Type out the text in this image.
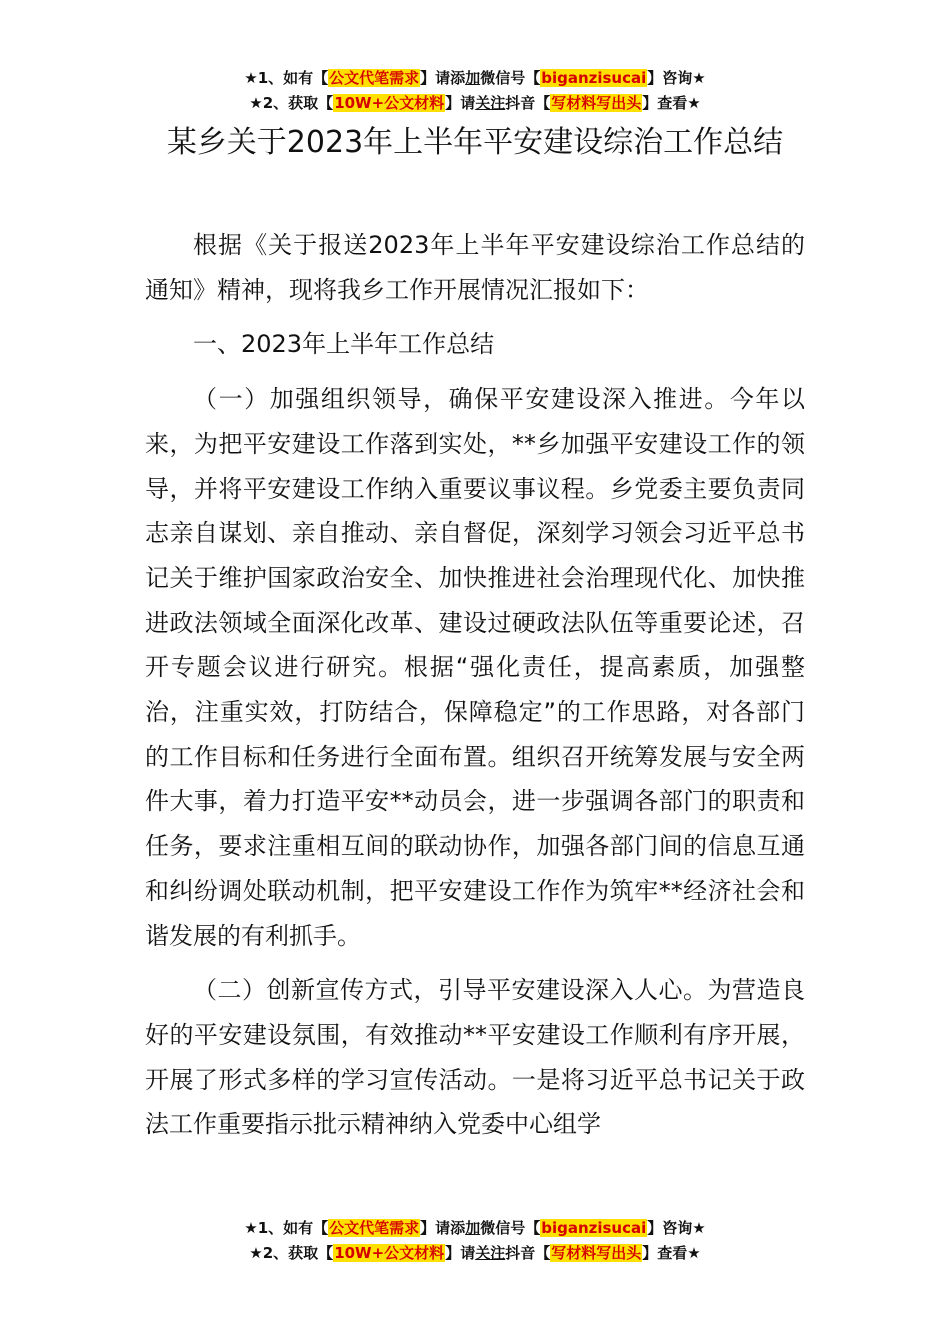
★1、如有【公文代笔需求】请添加微信号【biganzisucai】咨询★
★2、获取【10W+公文材料】请关注抖音【写材料写出头】查看★
某乡关于2023年上半年平安建设综治工作总结

根据《关于报送2023年上半年平安建设综治工作总结的通知》精神，现将我乡工作开展情况汇报如下：

一、2023年上半年工作总结

（一）加强组织领导，确保平安建设深入推进。今年以来，为把平安建设工作落到实处，**乡加强平安建设工作的领导，并将平安建设工作纳入重要议事议程。乡党委主要负责同志亲自谋划、亲自推动、亲自督促，深刻学习领会习近平总书记关于维护国家政治安全、加快推进社会治理现代化、加快推进政法领域全面深化改革、建设过硬政法队伍等重要论述，召开专题会议进行研究。根据“强化责任，提高素质，加强整治，注重实效，打防结合，保障稳定”的工作思路，对各部门的工作目标和任务进行全面布置。组织召开统筹发展与安全两件大事，着力打造平安**动员会，进一步强调各部门的职责和任务，要求注重相互间的联动协作，加强各部门间的信息互通和纠纷调处联动机制，把平安建设工作作为筑牢**经济社会和谐发展的有利抓手。

（二）创新宣传方式，引导平安建设深入人心。为营造良好的平安建设氛围，有效推动**平安建设工作顺利有序开展，开展了形式多样的学习宣传活动。一是将习近平总书记关于政法工作重要指示批示精神纳入党委中心组学

★1、如有【公文代笔需求】请添加微信号【biganzisucai】咨询★
★2、获取【10W+公文材料】请关注抖音【写材料写出头】查看★
